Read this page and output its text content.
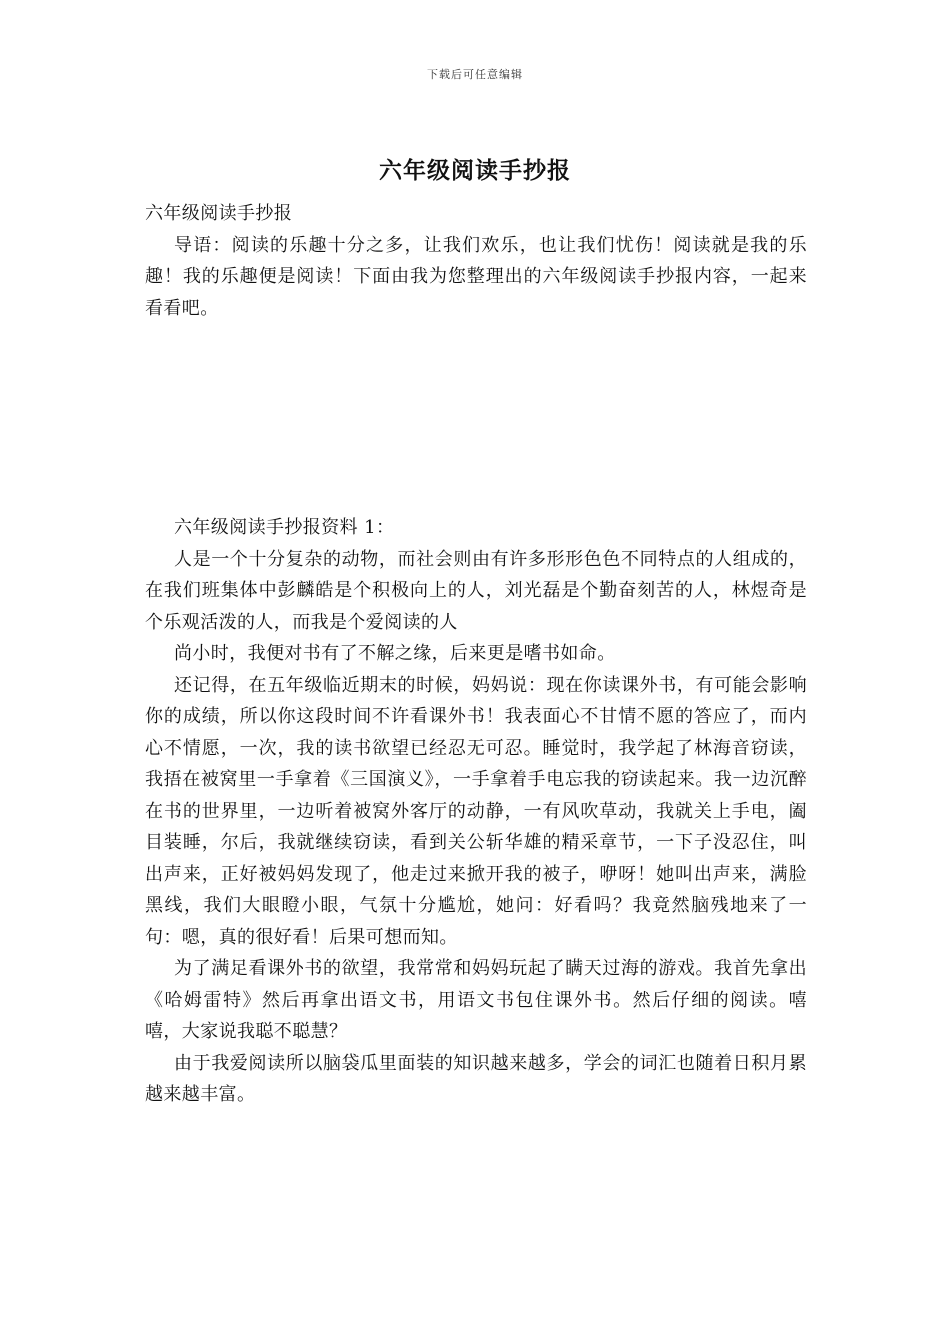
下载后可任意编辑
六年级阅读手抄报

六年级阅读手抄报

导语：阅读的乐趣十分之多，让我们欢乐，也让我们忧伤！阅读就是我的乐趣！我的乐趣便是阅读！下面由我为您整理出的六年级阅读手抄报内容，一起来看看吧。

六年级阅读手抄报资料 1：

人是一个十分复杂的动物，而社会则由有许多形形色色不同特点的人组成的，在我们班集体中彭麟皓是个积极向上的人，刘光磊是个勤奋刻苦的人，林煜奇是个乐观活泼的人，而我是个爱阅读的人

尚小时，我便对书有了不解之缘，后来更是嗜书如命。

还记得，在五年级临近期末的时候，妈妈说：现在你读课外书，有可能会影响你的成绩，所以你这段时间不许看课外书！我表面心不甘情不愿的答应了，而内心不情愿，一次，我的读书欲望已经忍无可忍。睡觉时，我学起了林海音窃读，我捂在被窝里一手拿着《三国演义》，一手拿着手电忘我的窃读起来。我一边沉醉在书的世界里，一边听着被窝外客厅的动静，一有风吹草动，我就关上手电，阖目装睡，尔后，我就继续窃读，看到关公斩华雄的精采章节，一下子没忍住，叫出声来，正好被妈妈发现了，他走过来掀开我的被子，咿呀！她叫出声来，满脸黑线，我们大眼瞪小眼，气氛十分尴尬，她问：好看吗？我竟然脑残地来了一句：嗯，真的很好看！后果可想而知。

为了满足看课外书的欲望，我常常和妈妈玩起了瞒天过海的游戏。我首先拿出《哈姆雷特》然后再拿出语文书，用语文书包住课外书。然后仔细的阅读。嘻嘻，大家说我聪不聪慧？

由于我爱阅读所以脑袋瓜里面装的知识越来越多，学会的词汇也随着日积月累越来越丰富。
